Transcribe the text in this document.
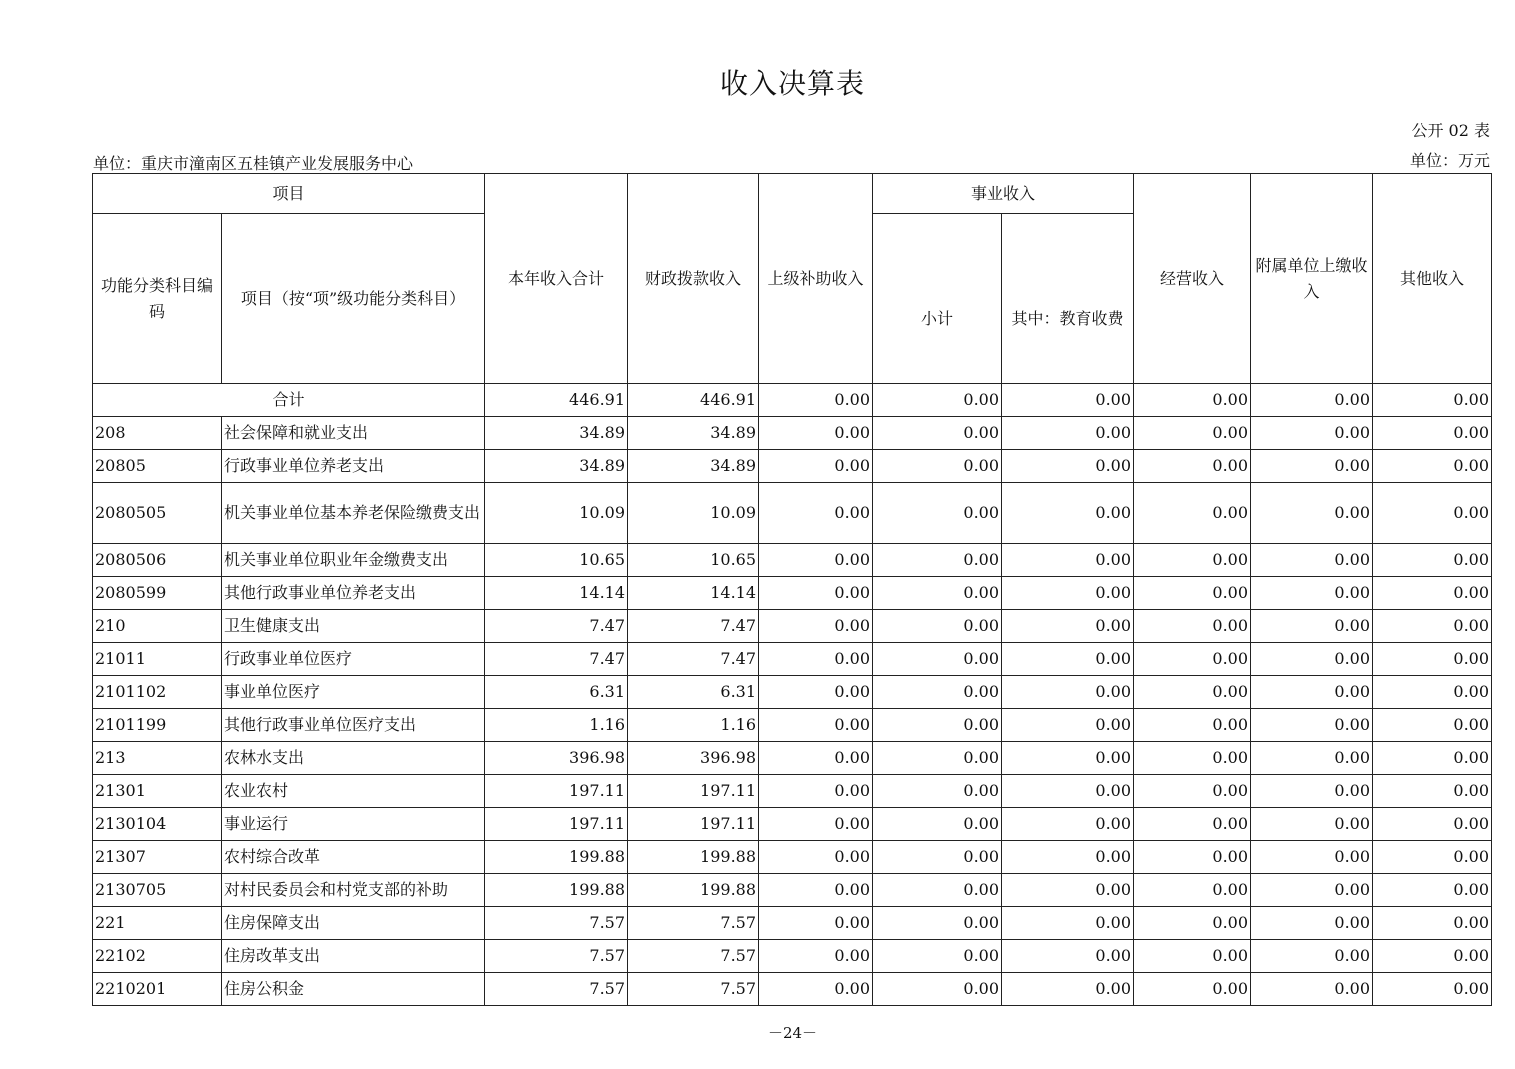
收入决算表
公开 02 表
单位：重庆市潼南区五桂镇产业发展服务中心	单位：万元
项目		本年收入合计	财政拨款收入	上级补助收入	事业收入		经营收入	附属单位上缴收入	其他收入
功能分类科目编码	项目（按“项”级功能分类科目）				小计	其中：教育收费			
合计		446.91	446.91	0.00	0.00	0.00	0.00	0.00	0.00
208	社会保障和就业支出	34.89	34.89	0.00	0.00	0.00	0.00	0.00	0.00
20805	行政事业单位养老支出	34.89	34.89	0.00	0.00	0.00	0.00	0.00	0.00
2080505	机关事业单位基本养老保险缴费支出	10.09	10.09	0.00	0.00	0.00	0.00	0.00	0.00
2080506	机关事业单位职业年金缴费支出	10.65	10.65	0.00	0.00	0.00	0.00	0.00	0.00
2080599	其他行政事业单位养老支出	14.14	14.14	0.00	0.00	0.00	0.00	0.00	0.00
210	卫生健康支出	7.47	7.47	0.00	0.00	0.00	0.00	0.00	0.00
21011	行政事业单位医疗	7.47	7.47	0.00	0.00	0.00	0.00	0.00	0.00
2101102	事业单位医疗	6.31	6.31	0.00	0.00	0.00	0.00	0.00	0.00
2101199	其他行政事业单位医疗支出	1.16	1.16	0.00	0.00	0.00	0.00	0.00	0.00
213	农林水支出	396.98	396.98	0.00	0.00	0.00	0.00	0.00	0.00
21301	农业农村	197.11	197.11	0.00	0.00	0.00	0.00	0.00	0.00
2130104	事业运行	197.11	197.11	0.00	0.00	0.00	0.00	0.00	0.00
21307	农村综合改革	199.88	199.88	0.00	0.00	0.00	0.00	0.00	0.00
2130705	对村民委员会和村党支部的补助	199.88	199.88	0.00	0.00	0.00	0.00	0.00	0.00
221	住房保障支出	7.57	7.57	0.00	0.00	0.00	0.00	0.00	0.00
22102	住房改革支出	7.57	7.57	0.00	0.00	0.00	0.00	0.00	0.00
2210201	住房公积金	7.57	7.57	0.00	0.00	0.00	0.00	0.00	0.00
－24－
